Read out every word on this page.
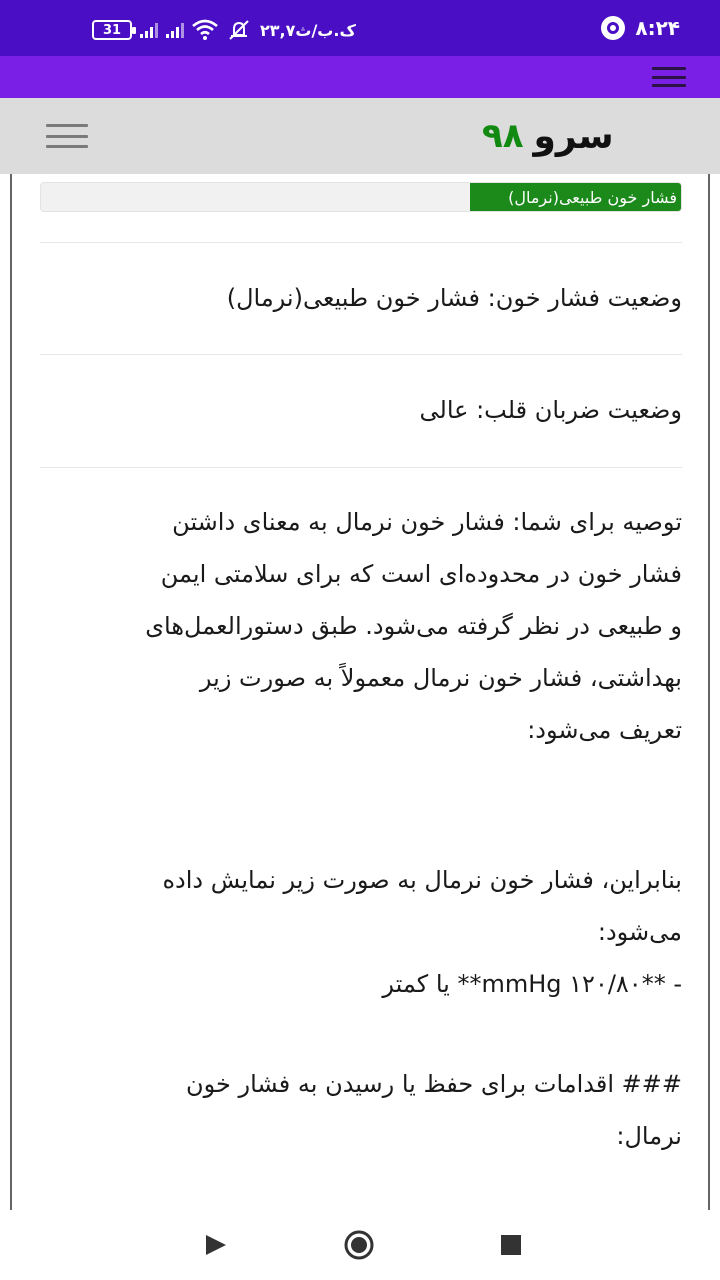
31	۲۳,۷ک.ب/ث	۸:۲۴
۹۸ سرو
فشار خون طبیعی(نرمال)
وضعیت فشار خون: فشار خون طبیعی(نرمال)
وضعیت ضربان قلب: عالی
توصیه برای شما: فشار خون نرمال به معنای داشتن
فشار خون در محدوده‌ای است که برای سلامتی ایمن
و طبیعی در نظر گرفته می‌شود. طبق دستورالعمل‌های
بهداشتی، فشار خون نرمال معمولاً به صورت زیر
تعریف می‌شود:
بنابراین، فشار خون نرمال به صورت زیر نمایش داده
می‌شود:
- **۱۲۰/۸۰ mmHg** یا کمتر
### اقدامات برای حفظ یا رسیدن به فشار خون
نرمال:
